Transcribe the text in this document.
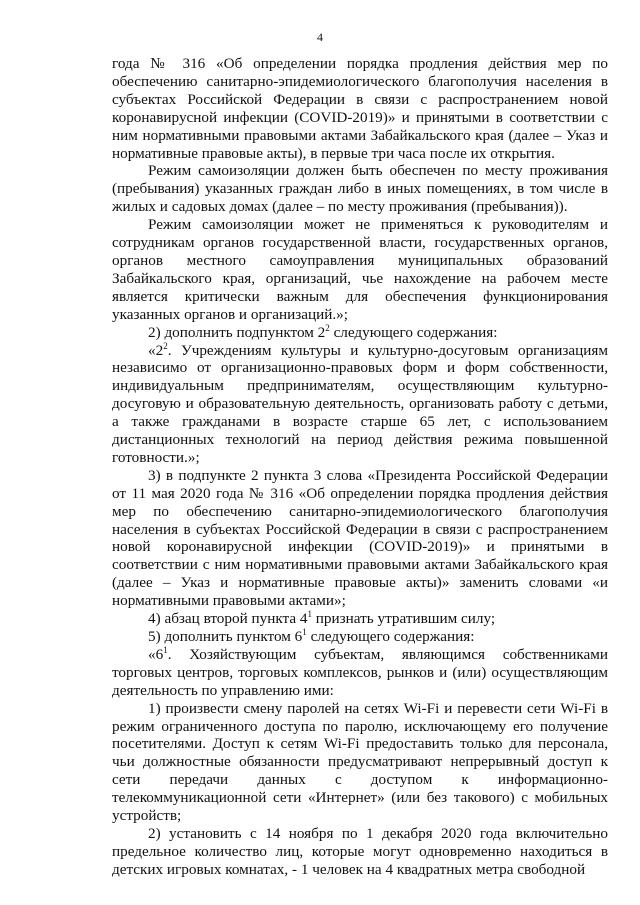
4

года № 316 «Об определении порядка продления действия мер по обеспечению санитарно-эпидемиологического благополучия населения в субъектах Российской Федерации в связи с распространением новой коронавирусной инфекции (COVID-2019)» и принятыми в соответствии с ним нормативными правовыми актами Забайкальского края (далее – Указ и нормативные правовые акты), в первые три часа после их открытия.

Режим самоизоляции должен быть обеспечен по месту проживания (пребывания) указанных граждан либо в иных помещениях, в том числе в жилых и садовых домах (далее – по месту проживания (пребывания)).

Режим самоизоляции может не применяться к руководителям и сотрудникам органов государственной власти, государственных органов, органов местного самоуправления муниципальных образований Забайкальского края, организаций, чье нахождение на рабочем месте является критически важным для обеспечения функционирования указанных органов и организаций.»;

2) дополнить подпунктом $2^2$ следующего содержания:

«$2^2$. Учреждениям культуры и культурно-досуговым организациям независимо от организационно-правовых форм и форм собственности, индивидуальным предпринимателям, осуществляющим культурно-досуговую и образовательную деятельность, организовать работу с детьми, а также гражданами в возрасте старше 65 лет, с использованием дистанционных технологий на период действия режима повышенной готовности.»;

3) в подпункте 2 пункта 3 слова «Президента Российской Федерации от 11 мая 2020 года № 316 «Об определении порядка продления действия мер по обеспечению санитарно-эпидемиологического благополучия населения в субъектах Российской Федерации в связи с распространением новой коронавирусной инфекции (COVID-2019)» и принятыми в соответствии с ним нормативными правовыми актами Забайкальского края (далее – Указ и нормативные правовые акты)» заменить словами «и нормативными правовыми актами»;

4) абзац второй пункта $4^1$ признать утратившим силу;

5) дополнить пунктом $6^1$ следующего содержания:

«$6^1$. Хозяйствующим субъектам, являющимся собственниками торговых центров, торговых комплексов, рынков и (или) осуществляющим деятельность по управлению ими:

1) произвести смену паролей на сетях Wi-Fi и перевести сети Wi-Fi в режим ограниченного доступа по паролю, исключающему его получение посетителями. Доступ к сетям Wi-Fi предоставить только для персонала, чьи должностные обязанности предусматривают непрерывный доступ к сети передачи данных с доступом к информационно-телекоммуникационной сети «Интернет» (или без такового) с мобильных устройств;

2) установить с 14 ноября по 1 декабря 2020 года включительно предельное количество лиц, которые могут одновременно находиться в детских игровых комнатах, - 1 человек на 4 квадратных метра свободной
